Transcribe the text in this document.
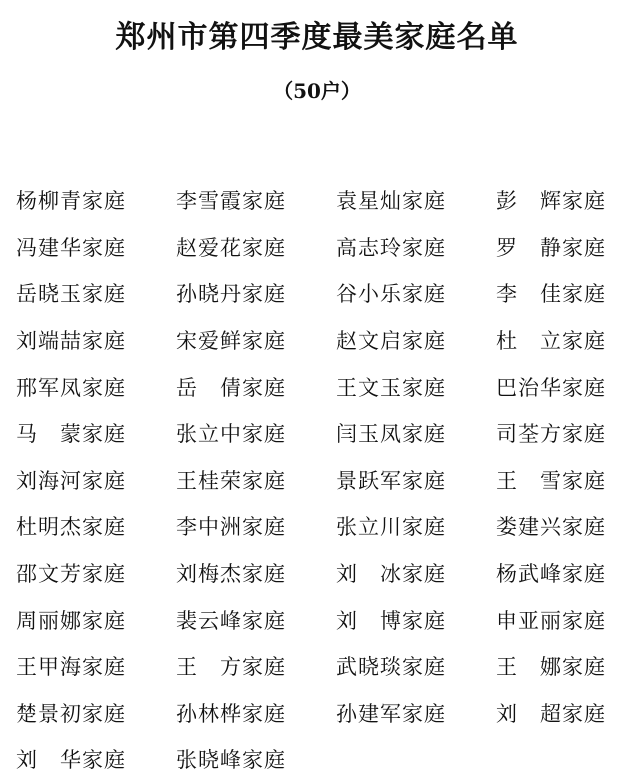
郑州市第四季度最美家庭名单
（50户）
杨柳青家庭	李雪霞家庭	袁星灿家庭	彭　辉家庭
冯建华家庭	赵爱花家庭	高志玲家庭	罗　静家庭
岳晓玉家庭	孙晓丹家庭	谷小乐家庭	李　佳家庭
刘端喆家庭	宋爱鲜家庭	赵文启家庭	杜　立家庭
邢军凤家庭	岳　倩家庭	王文玉家庭	巴治华家庭
马　蒙家庭	张立中家庭	闫玉凤家庭	司荃方家庭
刘海河家庭	王桂荣家庭	景跃军家庭	王　雪家庭
杜明杰家庭	李中洲家庭	张立川家庭	娄建兴家庭
邵文芳家庭	刘梅杰家庭	刘　冰家庭	杨武峰家庭
周丽娜家庭	裴云峰家庭	刘　博家庭	申亚丽家庭
王甲海家庭	王　方家庭	武晓琰家庭	王　娜家庭
楚景初家庭	孙林桦家庭	孙建军家庭	刘　超家庭
刘　华家庭	张晓峰家庭
